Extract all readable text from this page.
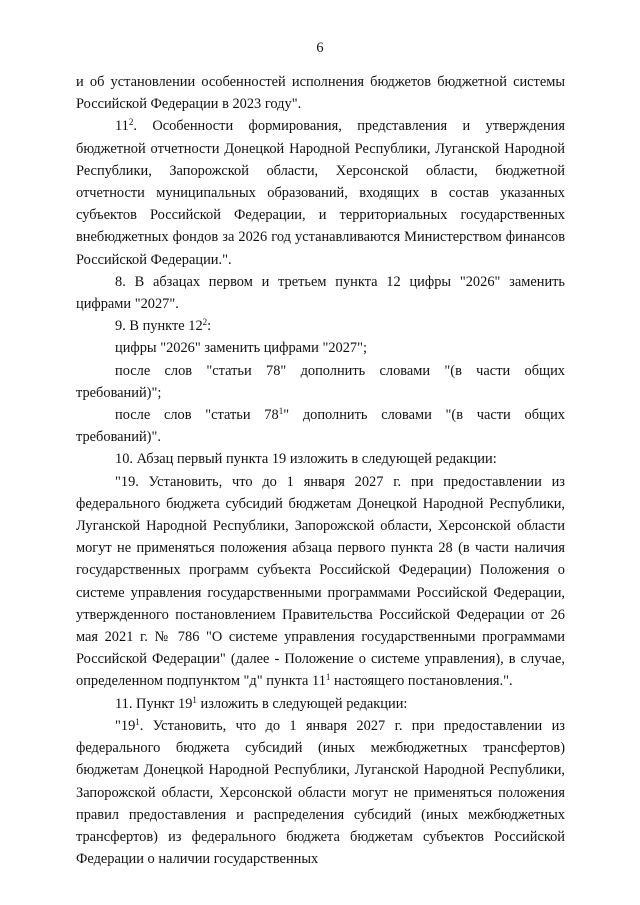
6

и об установлении особенностей исполнения бюджетов бюджетной системы Российской Федерации в 2023 году".

$11^2$. Особенности формирования, представления и утверждения бюджетной отчетности Донецкой Народной Республики, Луганской Народной Республики, Запорожской области, Херсонской области, бюджетной отчетности муниципальных образований, входящих в состав указанных субъектов Российской Федерации, и территориальных государственных внебюджетных фондов за 2026 год устанавливаются Министерством финансов Российской Федерации.".

8. В абзацах первом и третьем пункта 12 цифры "2026" заменить цифрами "2027".

9. В пункте $12^2$:

цифры "2026" заменить цифрами "2027";

после слов "статьи 78" дополнить словами "(в части общих требований)";

после слов "статьи $78^1$" дополнить словами "(в части общих требований)".

10. Абзац первый пункта 19 изложить в следующей редакции:

"19. Установить, что до 1 января 2027 г. при предоставлении из федерального бюджета субсидий бюджетам Донецкой Народной Республики, Луганской Народной Республики, Запорожской области, Херсонской области могут не применяться положения абзаца первого пункта 28 (в части наличия государственных программ субъекта Российской Федерации) Положения о системе управления государственными программами Российской Федерации, утвержденного постановлением Правительства Российской Федерации от 26 мая 2021 г. № 786 "О системе управления государственными программами Российской Федерации" (далее - Положение о системе управления), в случае, определенном подпунктом "д" пункта $11^1$ настоящего постановления.".

11. Пункт $19^1$ изложить в следующей редакции:

"$19^1$. Установить, что до 1 января 2027 г. при предоставлении из федерального бюджета субсидий (иных межбюджетных трансфертов) бюджетам Донецкой Народной Республики, Луганской Народной Республики, Запорожской области, Херсонской области могут не применяться положения правил предоставления и распределения субсидий (иных межбюджетных трансфертов) из федерального бюджета бюджетам субъектов Российской Федерации о наличии государственных
